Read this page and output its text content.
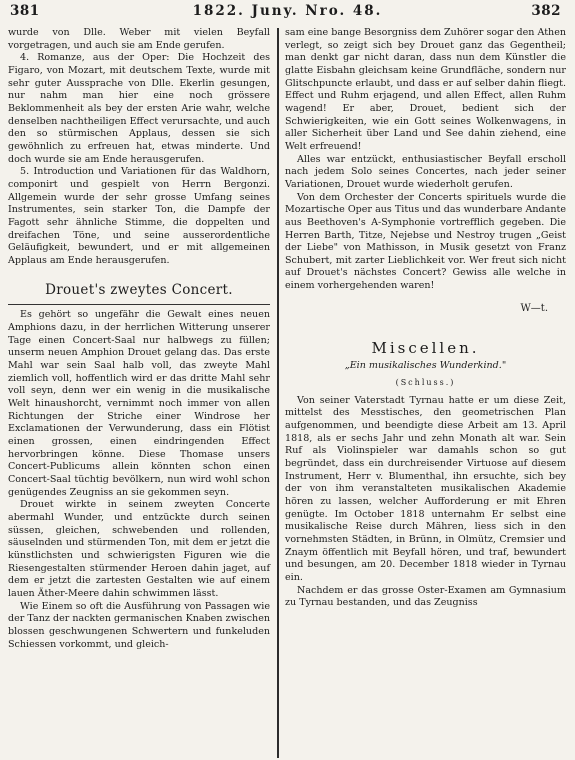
381	1822. Juny. Nro. 48.	382

wurde von Dlle. Weber mit vielen Beyfall vorgetragen, und auch sie am Ende gerufen.

4. Romanze, aus der Oper: Die Hochzeit des Figaro, von Mozart, mit deutschem Texte, wurde mit sehr guter Aussprache von Dlle. Ekerlin gesungen, nur nahm man hier eine noch grössere Beklommenheit als bey der ersten Arie wahr, welche denselben nachtheiligen Effect verursachte, und auch den so stürmischen Applaus, dessen sie sich gewöhnlich zu erfreuen hat, etwas minderte. Und doch wurde sie am Ende herausgerufen.

5. Introduction und Variationen für das Waldhorn, componirt und gespielt von Herrn Bergonzi. Allgemein wurde der sehr grosse Umfang seines Instrumentes, sein starker Ton, die Dampfe der Fagott sehr ähnliche Stimme, die doppelten und dreifachen Töne, und seine ausserordentliche Geläufigkeit, bewundert, und er mit allgemeinen Applaus am Ende herausgerufen.

Drouet's zweytes Concert.

Es gehört so ungefähr die Gewalt eines neuen Amphions dazu, in der herrlichen Witterung unserer Tage einen Concert-Saal nur halbwegs zu füllen; unserm neuen Amphion Drouet gelang das. Das erste Mahl war sein Saal halb voll, das zweyte Mahl ziemlich voll, hoffentlich wird er das dritte Mahl sehr voll seyn, denn wer ein wenig in die musikalische Welt hinaushorcht, vernimmt noch immer von allen Richtungen der Striche einer Windrose her Exclamationen der Verwunderung, dass ein Flötist einen grossen, einen eindringenden Effect hervorbringen könne. Diese Thomase unsers Concert-Publicums allein könnten schon einen Concert-Saal tüchtig bevölkern, nun wird wohl schon genügendes Zeugniss an sie gekommen seyn.

Drouet wirkte in seinem zweyten Concerte abermahl Wunder, und entzückte durch seinen süssen, gleichen, schwebenden und rollenden, säuselnden und stürmenden Ton, mit dem er jetzt die künstlichsten und schwierigsten Figuren wie die Riesengestalten stürmender Heroen dahin jaget, auf dem er jetzt die zartesten Gestalten wie auf einem lauen Äther-Meere dahin schwimmen lässt.

Wie Einem so oft die Ausführung von Passagen wie der Tanz der nackten germanischen Knaben zwischen blossen geschwungenen Schwertern und funkeluden Schiessen vorkommt, und gleich-

sam eine bange Besorgniss dem Zuhörer sogar den Athen verlegt, so zeigt sich bey Drouet ganz das Gegentheil; man denkt gar nicht daran, dass nun dem Künstler die glatte Eisbahn gleichsam keine Grundfläche, sondern nur Glitschpuncte erlaubt, und dass er auf selber dahin fliegt. Effect und Ruhm erjagend, und allen Effect, allen Ruhm wagend! Er aber, Drouet, bedient sich der Schwierigkeiten, wie ein Gott seines Wolkenwagens, in aller Sicherheit über Land und See dahin ziehend, eine Welt erfreuend!

Alles war entzückt, enthusiastischer Beyfall erscholl nach jedem Solo seines Concertes, nach jeder seiner Variationen, Drouet wurde wiederholt gerufen.

Von dem Orchester der Concerts spirituels wurde die Mozartische Oper aus Titus und das wunderbare Andante aus Beethoven's A-Symphonie vortrefflich gegeben. Die Herren Barth, Titze, Nejebse und Nestroy trugen „Geist der Liebe" von Mathisson, in Musik gesetzt von Franz Schubert, mit zarter Lieblichkeit vor. Wer freut sich nicht auf Drouet's nächstes Concert? Gewiss alle welche in einem vorhergehenden waren!

W—t.
Miscellen.
„Ein musikalisches Wunderkind."
(Schluss.)

Von seiner Vaterstadt Tyrnau hatte er um diese Zeit, mittelst des Messtisches, den geometrischen Plan aufgenommen, und beendigte diese Arbeit am 13. April 1818, als er sechs Jahr und zehn Monath alt war. Sein Ruf als Violinspieler war damahls schon so gut begründet, dass ein durchreisender Virtuose auf diesem Instrument, Herr v. Blumenthal, ihn ersuchte, sich bey der von ihm veranstalteten musikalischen Akademie hören zu lassen, welcher Aufforderung er mit Ehren genügte. Im October 1818 unternahm Er selbst eine musikalische Reise durch Mähren, liess sich in den vornehmsten Städten, in Brünn, in Olmütz, Cremsier und Znaym öffentlich mit Beyfall hören, und traf, bewundert und besungen, am 20. December 1818 wieder in Tyrnau ein.

Nachdem er das grosse Oster-Examen am Gymnasium zu Tyrnau bestanden, und das Zeugniss
